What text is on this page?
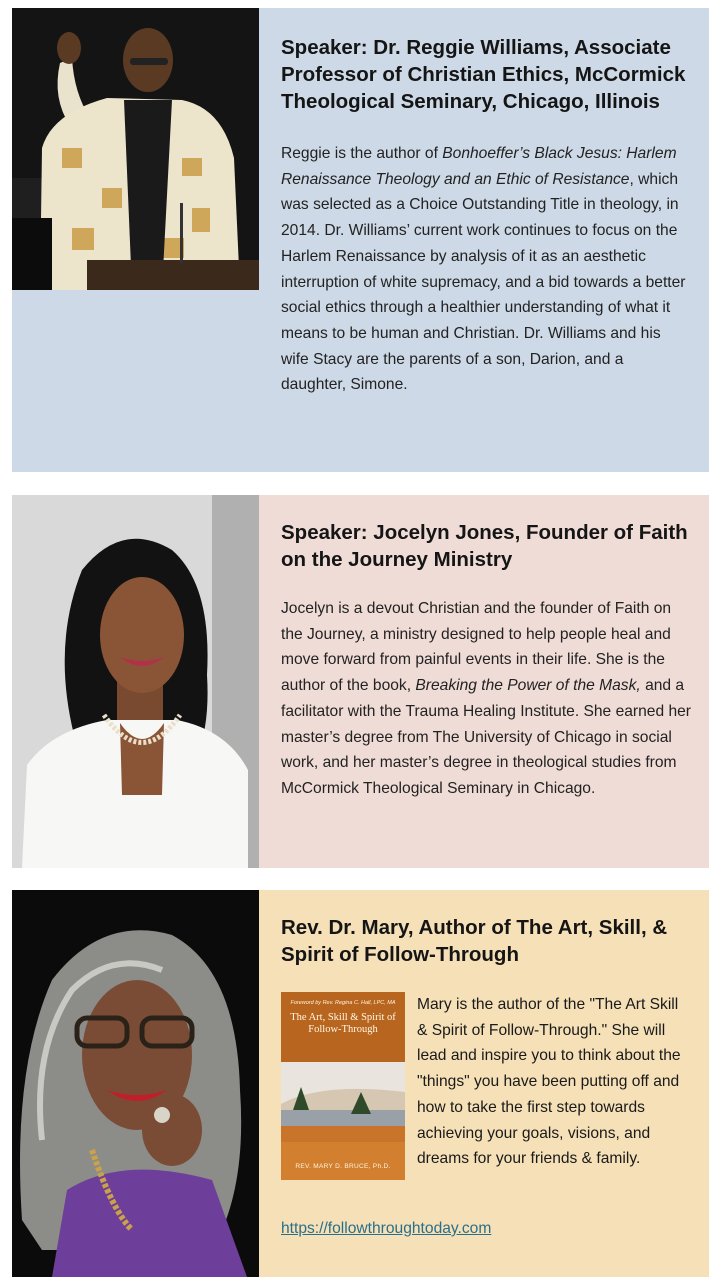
Speaker: Dr. Reggie Williams, Associate Professor of Christian Ethics, McCormick Theological Seminary, Chicago, Illinois

Reggie is the author of Bonhoeffer’s Black Jesus: Harlem Renaissance Theology and an Ethic of Resistance, which was selected as a Choice Outstanding Title in theology, in 2014. Dr. Williams’ current work continues to focus on the Harlem Renaissance by analysis of it as an aesthetic interruption of white supremacy, and a bid towards a better social ethics through a healthier understanding of what it means to be human and Christian. Dr. Williams and his wife Stacy are the parents of a son, Darion, and a daughter, Simone.

Speaker: Jocelyn Jones, Founder of Faith on the Journey Ministry

Jocelyn is a devout Christian and the founder of Faith on the Journey, a ministry designed to help people heal and move forward from painful events in their life. She is the author of the book, Breaking the Power of the Mask, and a facilitator with the Trauma Healing Institute. She earned her master’s degree from The University of Chicago in social work, and her master’s degree in theological studies from McCormick Theological Seminary in Chicago.

Rev. Dr. Mary, Author of The Art, Skill, & Spirit of Follow-Through
Foreword by Rev. Regina C. Hall, LPC, MA
The Art, Skill & Spirit of Follow-Through
REV. MARY D. BRUCE, Ph.D.

Mary is the author of the "The Art Skill & Spirit of Follow-Through." She will lead and inspire you to think about the "things" you have been putting off and how to take the first step towards achieving your goals, visions, and dreams for your friends & family.

https://followthroughtoday.com
